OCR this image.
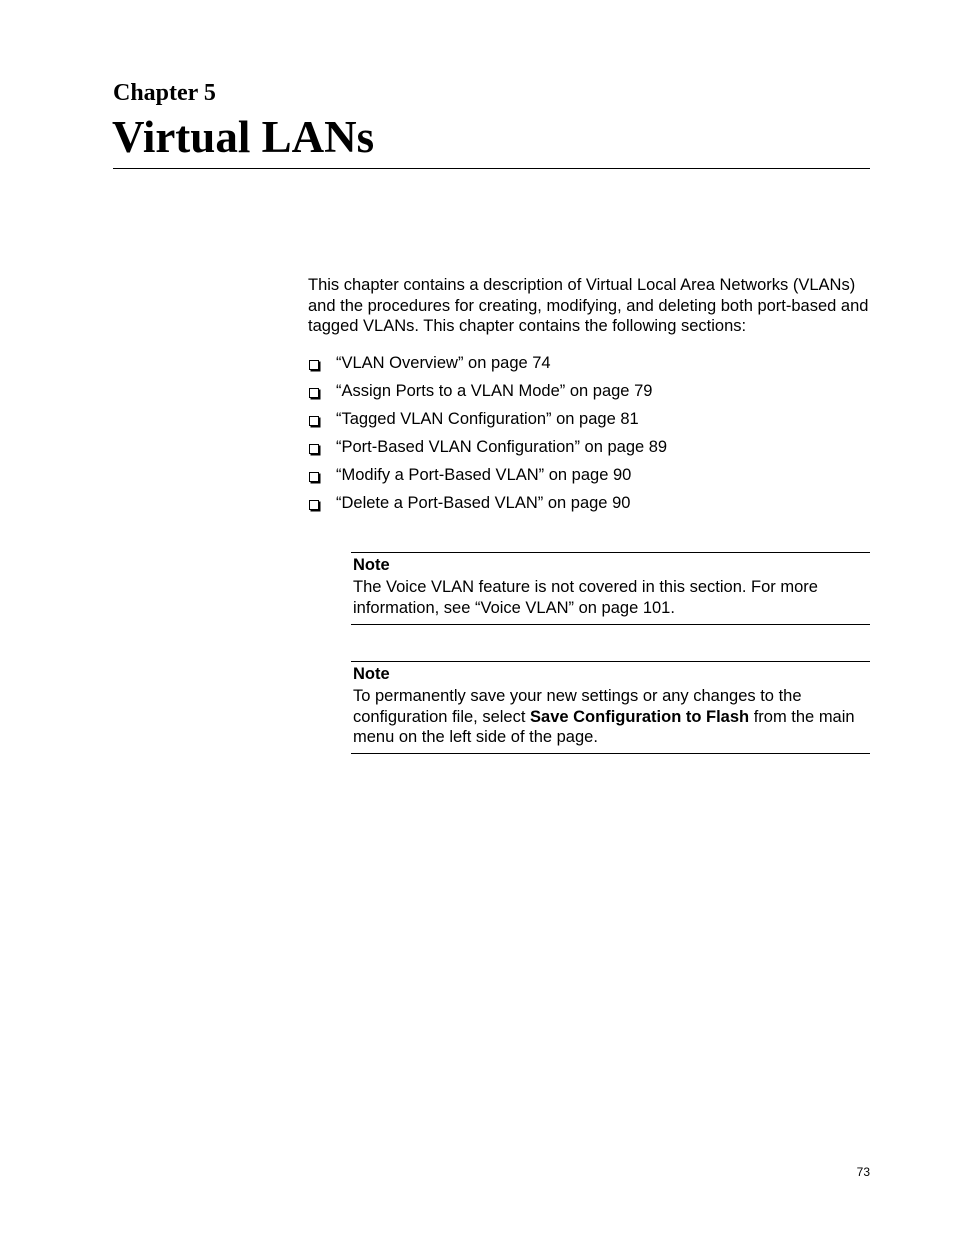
Chapter 5
Virtual LANs

This chapter contains a description of Virtual Local Area Networks (VLANs) and the procedures for creating, modifying, and deleting both port-based and tagged VLANs. This chapter contains the following sections:

“VLAN Overview” on page 74
“Assign Ports to a VLAN Mode” on page 79
“Tagged VLAN Configuration” on page 81
“Port-Based VLAN Configuration” on page 89
“Modify a Port-Based VLAN” on page 90
“Delete a Port-Based VLAN” on page 90
Note

The Voice VLAN feature is not covered in this section. For more information, see “Voice VLAN” on page 101.

Note

To permanently save your new settings or any changes to the configuration file, select Save Configuration to Flash from the main menu on the left side of the page.

73
